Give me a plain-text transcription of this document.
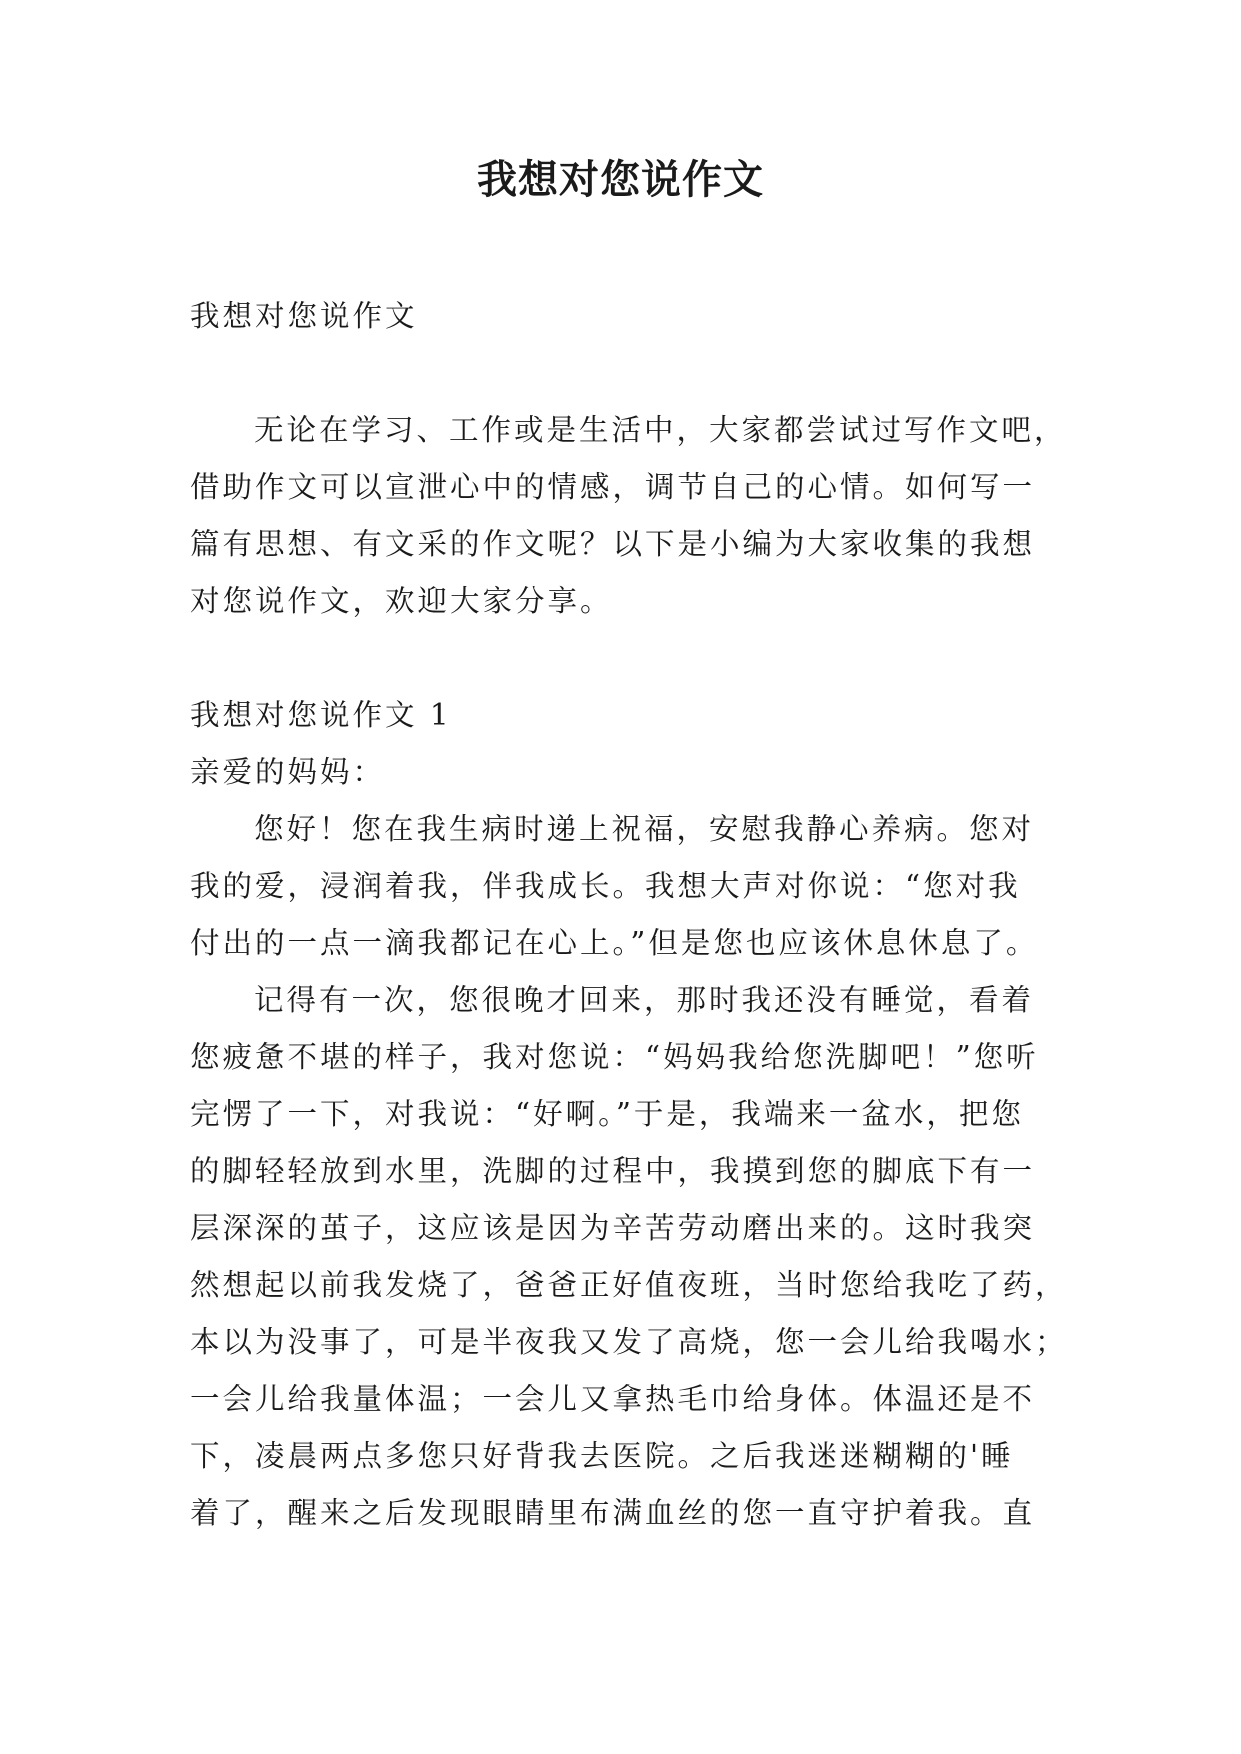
我想对您说作文

我想对您说作文

无论在学习、工作或是生活中，大家都尝试过写作文吧，

借助作文可以宣泄心中的情感，调节自己的心情。如何写一

篇有思想、有文采的作文呢？以下是小编为大家收集的我想

对您说作文，欢迎大家分享。

我想对您说作文 1

亲爱的妈妈：

您好！您在我生病时递上祝福，安慰我静心养病。您对

我的爱，浸润着我，伴我成长。我想大声对你说：“您对我

付出的一点一滴我都记在心上。”但是您也应该休息休息了。

记得有一次，您很晚才回来，那时我还没有睡觉，看着

您疲惫不堪的样子，我对您说：“妈妈我给您洗脚吧！”您听

完愣了一下，对我说：“好啊。”于是，我端来一盆水，把您

的脚轻轻放到水里，洗脚的过程中，我摸到您的脚底下有一

层深深的茧子，这应该是因为辛苦劳动磨出来的。这时我突

然想起以前我发烧了，爸爸正好值夜班，当时您给我吃了药，

本以为没事了，可是半夜我又发了高烧，您一会儿给我喝水；

一会儿给我量体温；一会儿又拿热毛巾给身体。体温还是不

下，凌晨两点多您只好背我去医院。之后我迷迷糊糊的'睡

着了，醒来之后发现眼睛里布满血丝的您一直守护着我。直
